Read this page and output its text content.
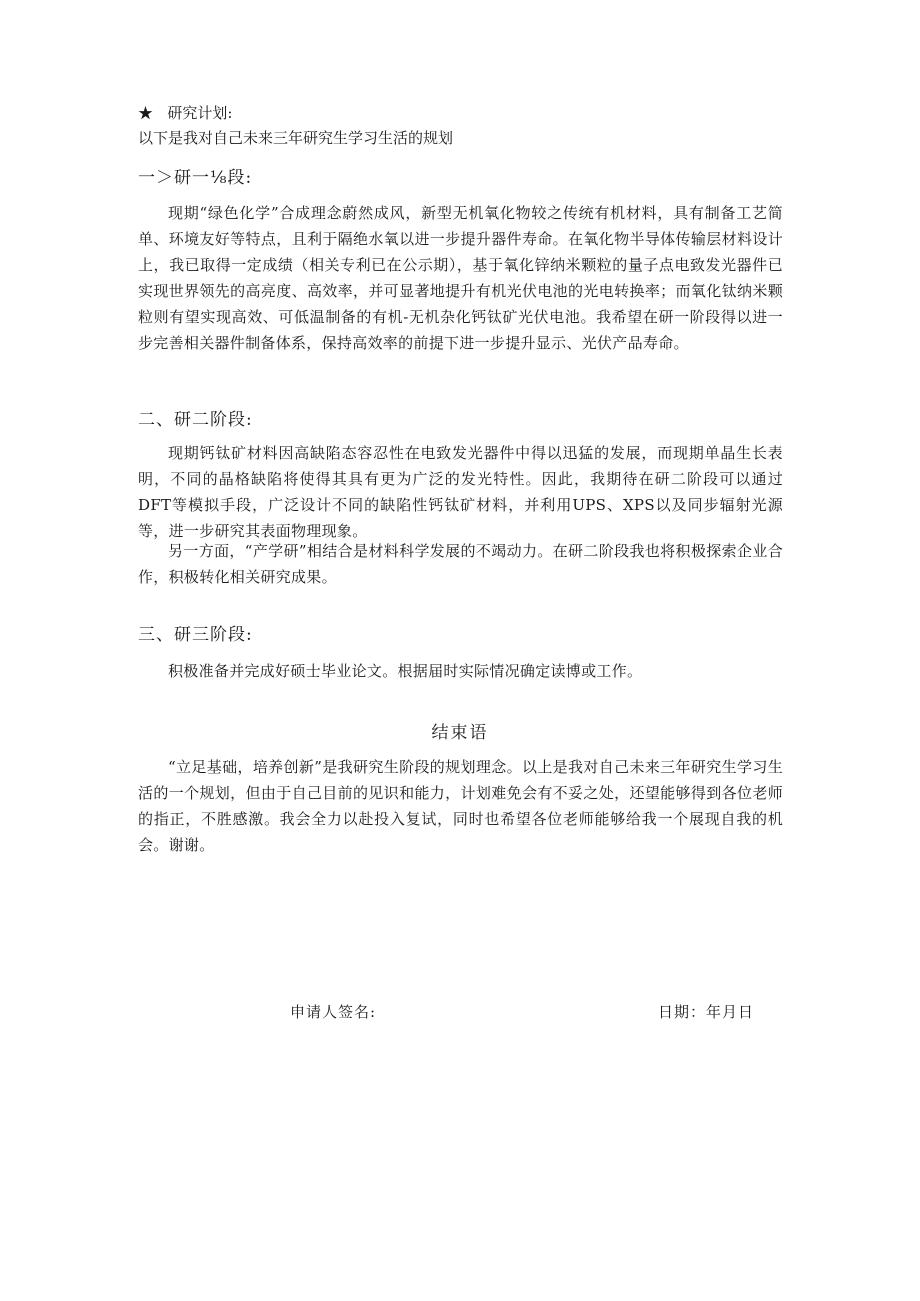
★ 研究计划:
以下是我对自己未来三年研究生学习生活的规划
一＞研一⅛段:
现期“绿色化学”合成理念蔚然成风，新型无机氧化物较之传统有机材料，具有制备工艺简单、环境友好等特点，且利于隔绝水氧以进一步提升器件寿命。在氧化物半导体传输层材料设计上，我已取得一定成绩（相关专利已在公示期），基于氧化锌纳米颗粒的量子点电致发光器件已实现世界领先的高亮度、高效率，并可显著地提升有机光伏电池的光电转换率；而氧化钛纳米颗粒则有望实现高效、可低温制备的有机-无机杂化钙钛矿光伏电池。我希望在研一阶段得以进一步完善相关器件制备体系，保持高效率的前提下进一步提升显示、光伏产品寿命。
二、研二阶段:
现期钙钛矿材料因高缺陷态容忍性在电致发光器件中得以迅猛的发展，而现期单晶生长表明，不同的晶格缺陷将使得其具有更为广泛的发光特性。因此，我期待在研二阶段可以通过DFT等模拟手段，广泛设计不同的缺陷性钙钛矿材料，并利用UPS、XPS以及同步辐射光源等，进一步研究其表面物理现象。
另一方面，“产学研”相结合是材料科学发展的不竭动力。在研二阶段我也将积极探索企业合作，积极转化相关研究成果。
三、研三阶段:
积极准备并完成好硕士毕业论文。根据届时实际情况确定读博或工作。
结束语
“立足基础，培养创新”是我研究生阶段的规划理念。以上是我对自己未来三年研究生学习生活的一个规划，但由于自己目前的见识和能力，计划难免会有不妥之处，还望能够得到各位老师的指正，不胜感激。我会全力以赴投入复试，同时也希望各位老师能够给我一个展现自我的机会。谢谢。
申请人签名:	日期：年月日
